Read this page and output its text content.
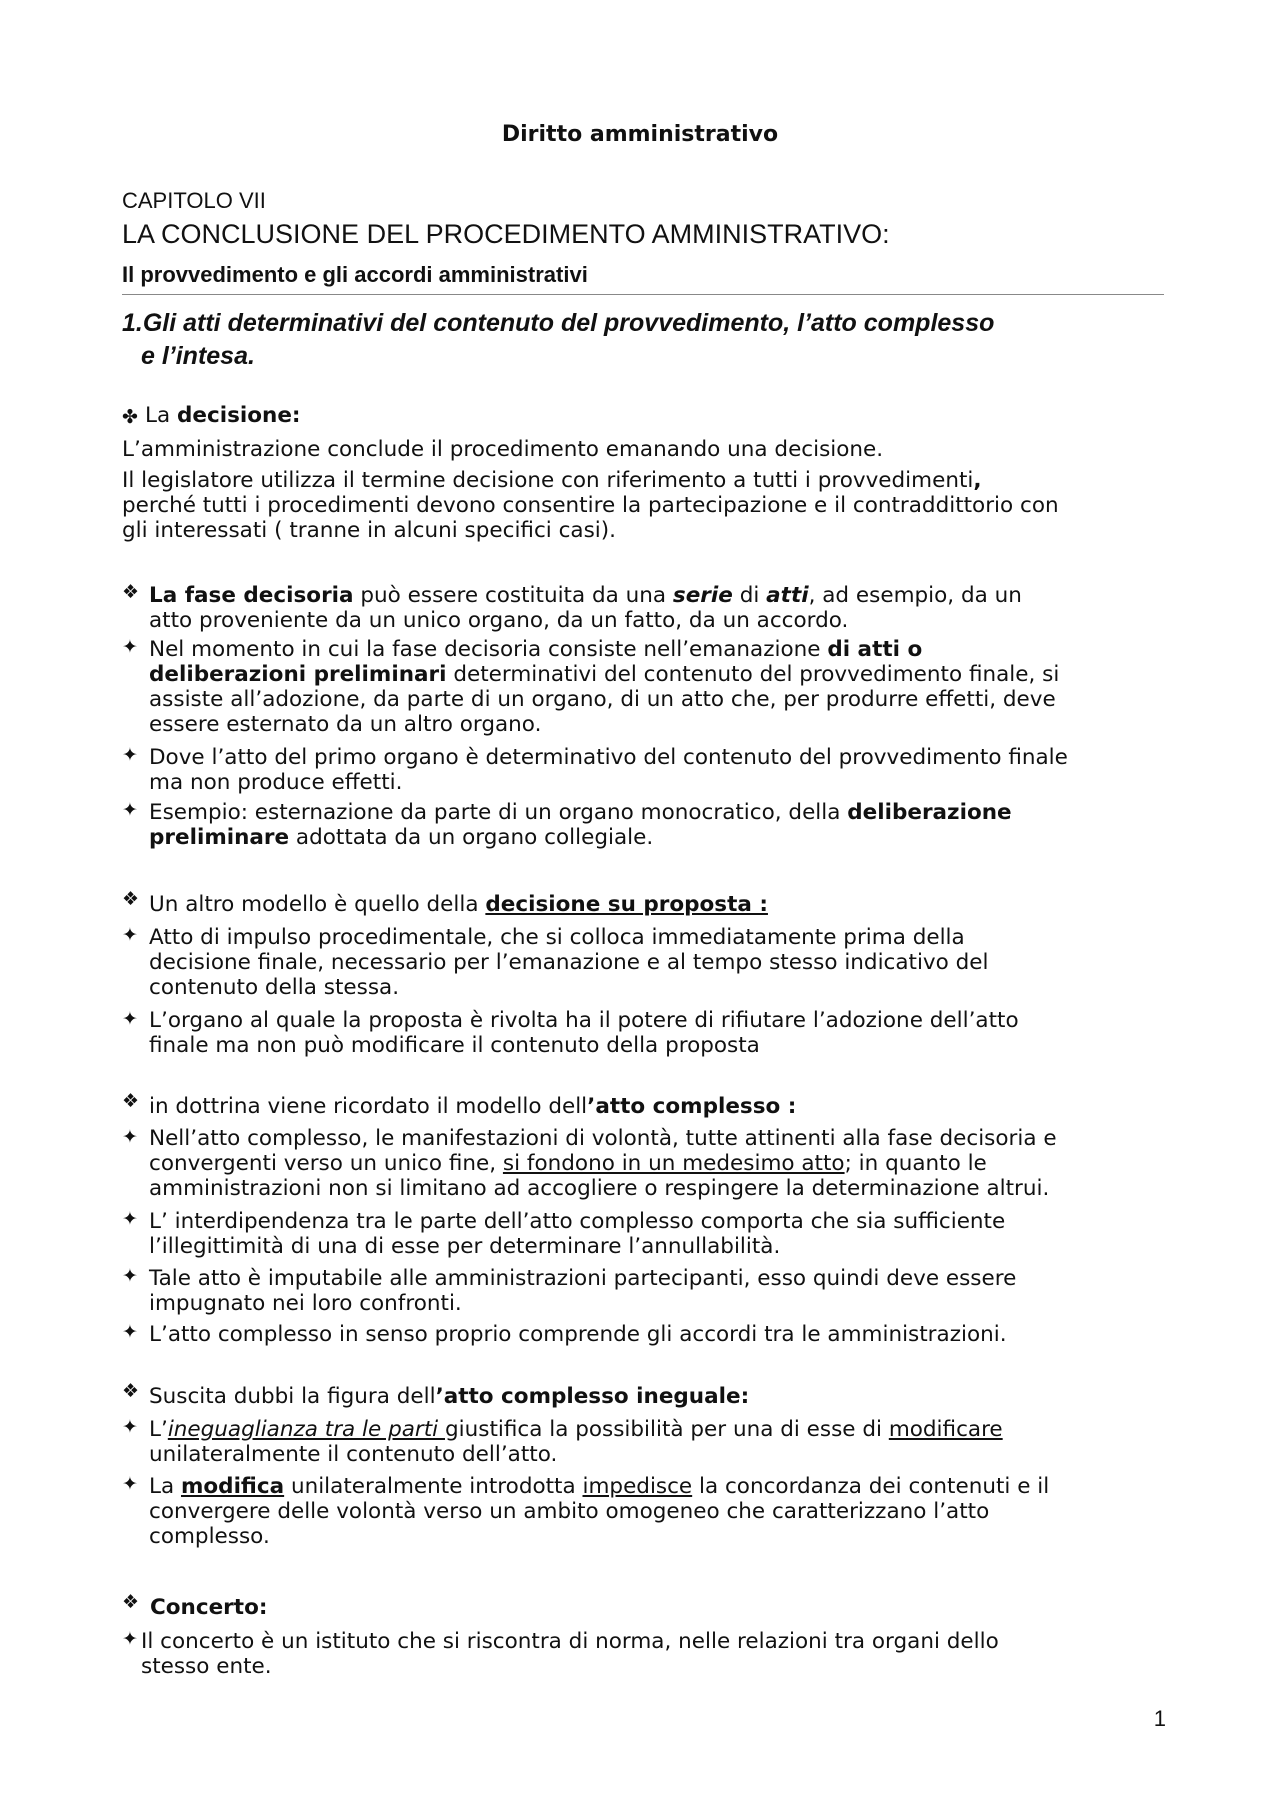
Diritto amministrativo
CAPITOLO VII
LA CONCLUSIONE DEL PROCEDIMENTO AMMINISTRATIVO:
Il provvedimento e gli accordi amministrativi
1.Gli atti determinativi del contenuto del provvedimento, l’atto complesso
e l’intesa.
✤ La decisione:
L’amministrazione conclude il procedimento emanando una decisione.
Il legislatore utilizza il termine decisione con riferimento a tutti i provvedimenti,
perché tutti i procedimenti devono consentire la partecipazione e il contraddittorio con
gli interessati ( tranne in alcuni specifici casi).
❖ La fase decisoria può essere costituita da una serie di atti, ad esempio, da un
atto proveniente da un unico organo, da un fatto, da un accordo.
✦ Nel momento in cui la fase decisoria consiste nell’emanazione di atti o
deliberazioni preliminari determinativi del contenuto del provvedimento finale, si
assiste all’adozione, da parte di un organo, di un atto che, per produrre effetti, deve
essere esternato da un altro organo.
✦ Dove l’atto del primo organo è determinativo del contenuto del provvedimento finale
ma non produce effetti.
✦ Esempio: esternazione da parte di un organo monocratico, della deliberazione
preliminare adottata da un organo collegiale.
❖ Un altro modello è quello della decisione su proposta :
✦ Atto di impulso procedimentale, che si colloca immediatamente prima della
decisione finale, necessario per l’emanazione e al tempo stesso indicativo del
contenuto della stessa.
✦ L’organo al quale la proposta è rivolta ha il potere di rifiutare l’adozione dell’atto
finale ma non può modificare il contenuto della proposta
❖ in dottrina viene ricordato il modello dell’atto complesso :
✦ Nell’atto complesso, le manifestazioni di volontà, tutte attinenti alla fase decisoria e
convergenti verso un unico fine, si fondono in un medesimo atto; in quanto le
amministrazioni non si limitano ad accogliere o respingere la determinazione altrui.
✦ L’ interdipendenza tra le parte dell’atto complesso comporta che sia sufficiente
l’illegittimità di una di esse per determinare l’annullabilità.
✦ Tale atto è imputabile alle amministrazioni partecipanti, esso quindi deve essere
impugnato nei loro confronti.
✦ L’atto complesso in senso proprio comprende gli accordi tra le amministrazioni.
❖ Suscita dubbi la figura dell’atto complesso ineguale:
✦ L’ineguaglianza tra le parti giustifica la possibilità per una di esse di modificare
unilateralmente il contenuto dell’atto.
✦ La modifica unilateralmente introdotta impedisce la concordanza dei contenuti e il
convergere delle volontà verso un ambito omogeneo che caratterizzano l’atto
complesso.
❖ Concerto:
✦ Il concerto è un istituto che si riscontra di norma, nelle relazioni tra organi dello
stesso ente.
1
